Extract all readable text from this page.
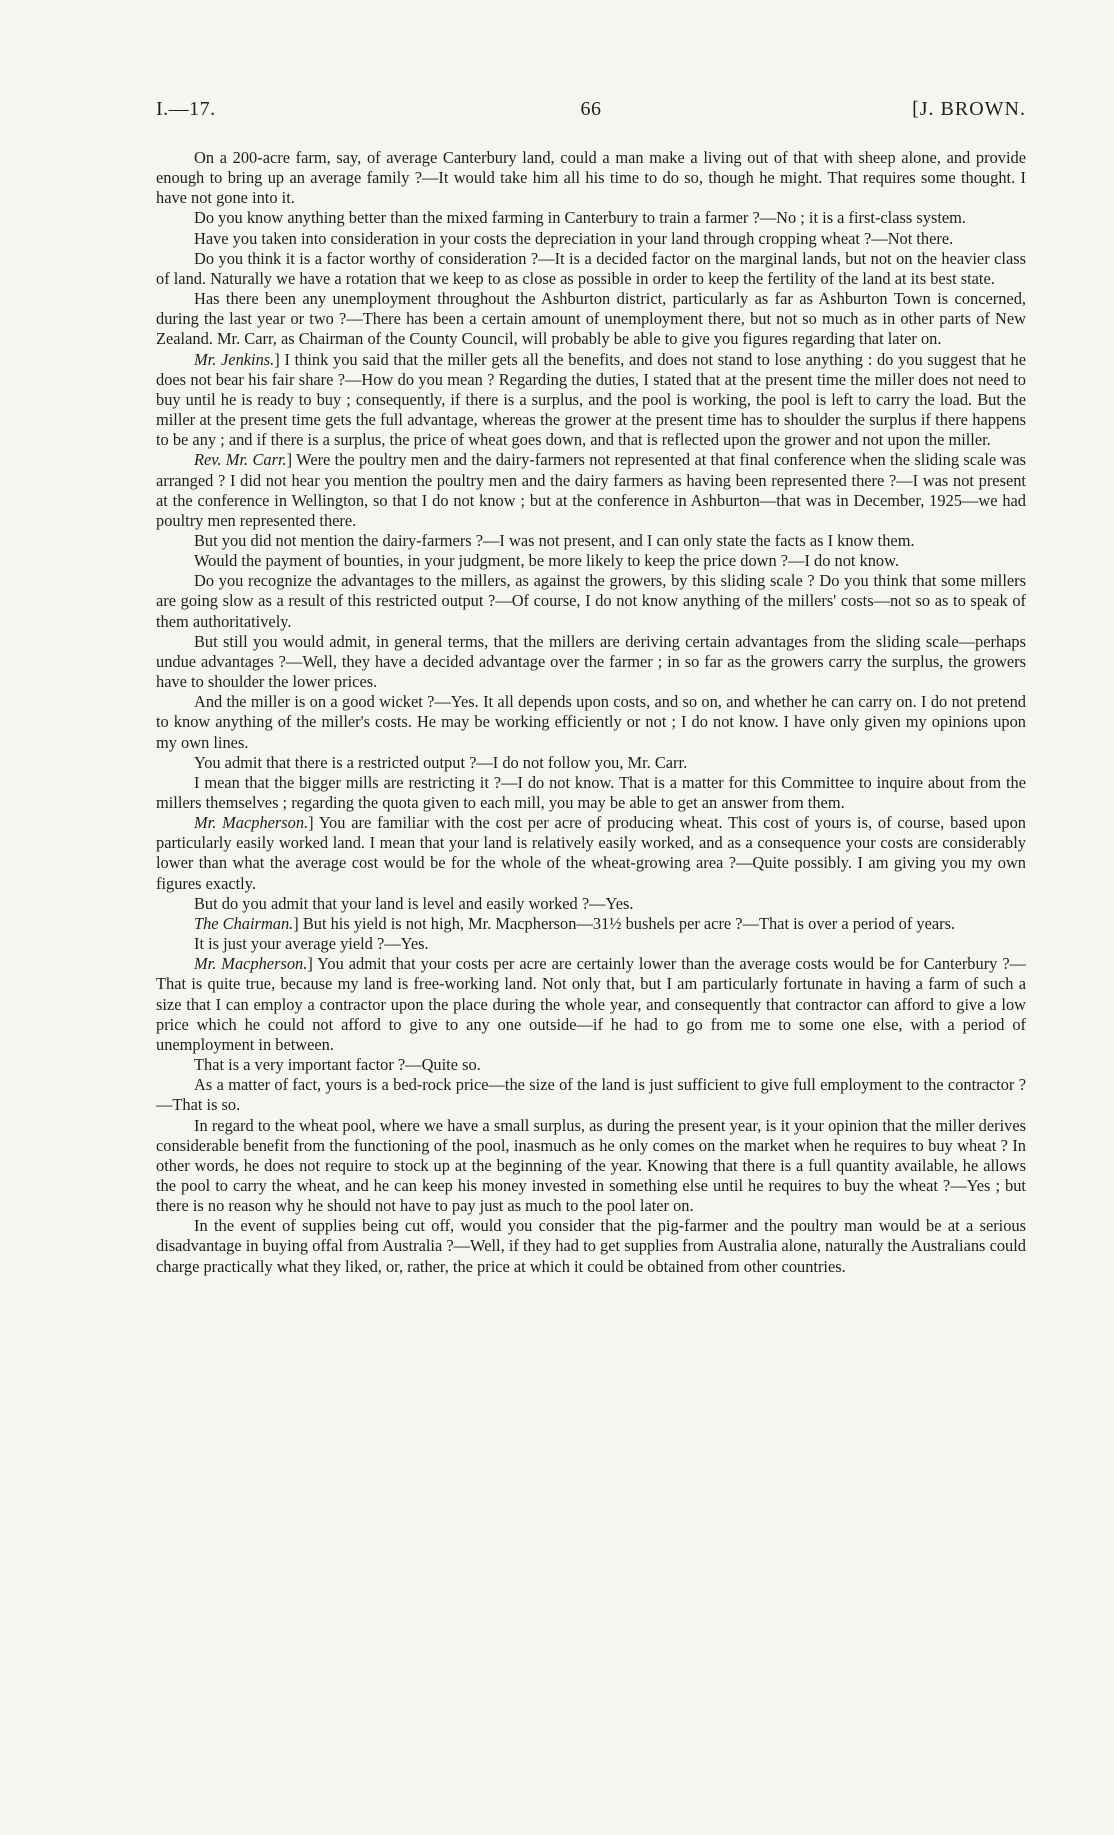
I.—17.	66	[J. BROWN.

On a 200-acre farm, say, of average Canterbury land, could a man make a living out of that with sheep alone, and provide enough to bring up an average family ?—It would take him all his time to do so, though he might. That requires some thought. I have not gone into it.

Do you know anything better than the mixed farming in Canterbury to train a farmer ?—No ; it is a first-class system.

Have you taken into consideration in your costs the depreciation in your land through cropping wheat ?—Not there.

Do you think it is a factor worthy of consideration ?—It is a decided factor on the marginal lands, but not on the heavier class of land. Naturally we have a rotation that we keep to as close as possible in order to keep the fertility of the land at its best state.

Has there been any unemployment throughout the Ashburton district, particularly as far as Ashburton Town is concerned, during the last year or two ?—There has been a certain amount of unemployment there, but not so much as in other parts of New Zealand. Mr. Carr, as Chairman of the County Council, will probably be able to give you figures regarding that later on.

Mr. Jenkins.] I think you said that the miller gets all the benefits, and does not stand to lose anything : do you suggest that he does not bear his fair share ?—How do you mean ? Regarding the duties, I stated that at the present time the miller does not need to buy until he is ready to buy ; consequently, if there is a surplus, and the pool is working, the pool is left to carry the load. But the miller at the present time gets the full advantage, whereas the grower at the present time has to shoulder the surplus if there happens to be any ; and if there is a surplus, the price of wheat goes down, and that is reflected upon the grower and not upon the miller.

Rev. Mr. Carr.] Were the poultry men and the dairy-farmers not represented at that final conference when the sliding scale was arranged ? I did not hear you mention the poultry men and the dairy farmers as having been represented there ?—I was not present at the conference in Wellington, so that I do not know ; but at the conference in Ashburton—that was in December, 1925—we had poultry men represented there.

But you did not mention the dairy-farmers ?—I was not present, and I can only state the facts as I know them.

Would the payment of bounties, in your judgment, be more likely to keep the price down ?—I do not know.

Do you recognize the advantages to the millers, as against the growers, by this sliding scale ? Do you think that some millers are going slow as a result of this restricted output ?—Of course, I do not know anything of the millers' costs—not so as to speak of them authoritatively.

But still you would admit, in general terms, that the millers are deriving certain advantages from the sliding scale—perhaps undue advantages ?—Well, they have a decided advantage over the farmer ; in so far as the growers carry the surplus, the growers have to shoulder the lower prices.

And the miller is on a good wicket ?—Yes. It all depends upon costs, and so on, and whether he can carry on. I do not pretend to know anything of the miller's costs. He may be working efficiently or not ; I do not know. I have only given my opinions upon my own lines.

You admit that there is a restricted output ?—I do not follow you, Mr. Carr.

I mean that the bigger mills are restricting it ?—I do not know. That is a matter for this Committee to inquire about from the millers themselves ; regarding the quota given to each mill, you may be able to get an answer from them.

Mr. Macpherson.] You are familiar with the cost per acre of producing wheat. This cost of yours is, of course, based upon particularly easily worked land. I mean that your land is relatively easily worked, and as a consequence your costs are considerably lower than what the average cost would be for the whole of the wheat-growing area ?—Quite possibly. I am giving you my own figures exactly.

But do you admit that your land is level and easily worked ?—Yes.

The Chairman.] But his yield is not high, Mr. Macpherson—31½ bushels per acre ?—That is over a period of years.

It is just your average yield ?—Yes.

Mr. Macpherson.] You admit that your costs per acre are certainly lower than the average costs would be for Canterbury ?—That is quite true, because my land is free-working land. Not only that, but I am particularly fortunate in having a farm of such a size that I can employ a contractor upon the place during the whole year, and consequently that contractor can afford to give a low price which he could not afford to give to any one outside—if he had to go from me to some one else, with a period of unemployment in between.

That is a very important factor ?—Quite so.

As a matter of fact, yours is a bed-rock price—the size of the land is just sufficient to give full employment to the contractor ?—That is so.

In regard to the wheat pool, where we have a small surplus, as during the present year, is it your opinion that the miller derives considerable benefit from the functioning of the pool, inasmuch as he only comes on the market when he requires to buy wheat ? In other words, he does not require to stock up at the beginning of the year. Knowing that there is a full quantity available, he allows the pool to carry the wheat, and he can keep his money invested in something else until he requires to buy the wheat ?—Yes ; but there is no reason why he should not have to pay just as much to the pool later on.

In the event of supplies being cut off, would you consider that the pig-farmer and the poultry man would be at a serious disadvantage in buying offal from Australia ?—Well, if they had to get supplies from Australia alone, naturally the Australians could charge practically what they liked, or, rather, the price at which it could be obtained from other countries.
